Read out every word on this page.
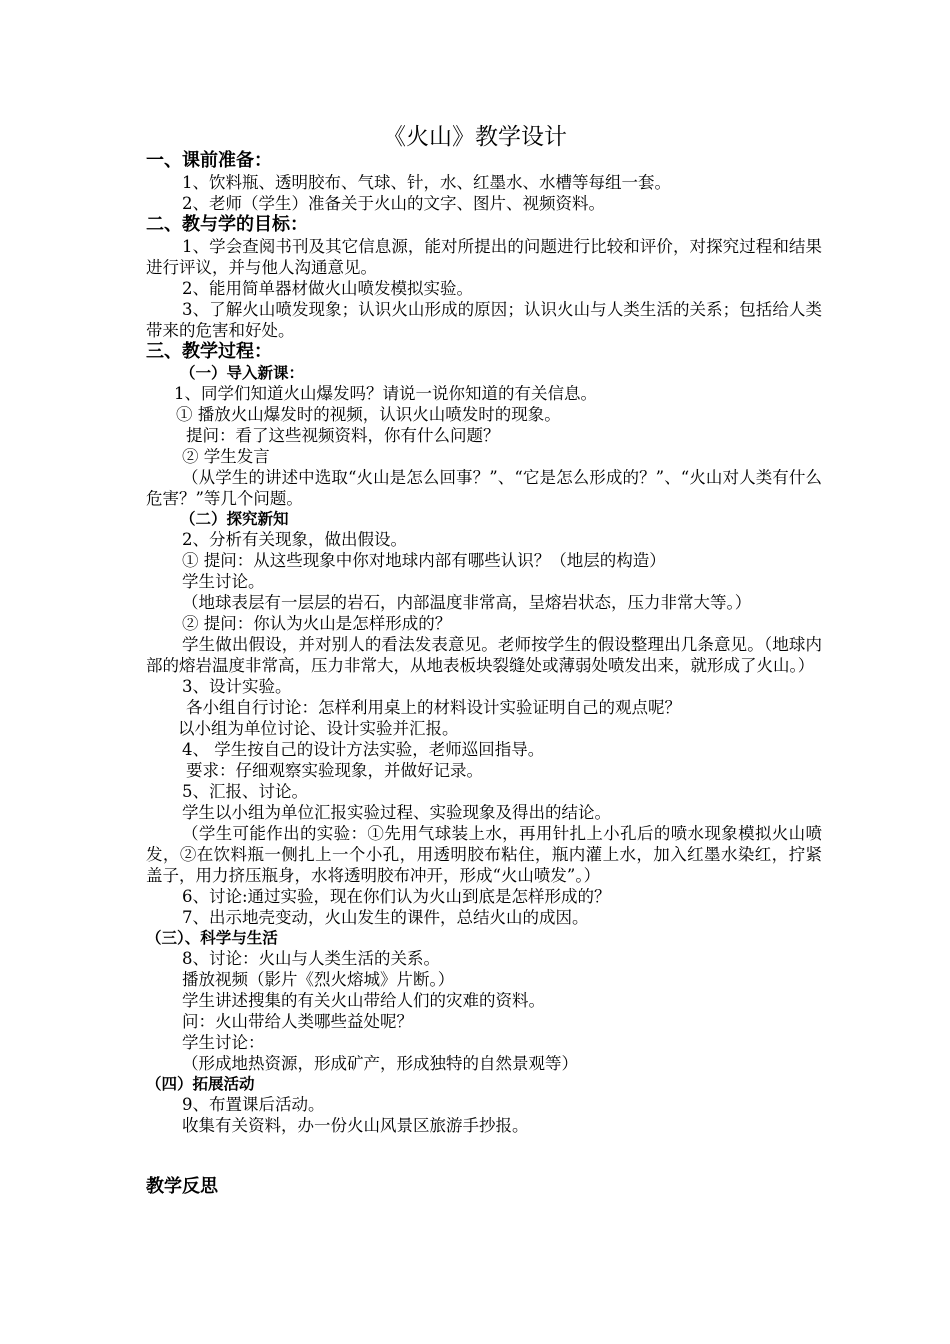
《火山》教学设计

一、课前准备：

1、饮料瓶、透明胶布、气球、针，水、红墨水、水槽等每组一套。

2、老师（学生）准备关于火山的文字、图片、视频资料。

二、教与学的目标：

1、学会查阅书刊及其它信息源，能对所提出的问题进行比较和评价，对探究过程和结果进行评议，并与他人沟通意见。

2、能用简单器材做火山喷发模拟实验。

3、了解火山喷发现象；认识火山形成的原因；认识火山与人类生活的关系；包括给人类带来的危害和好处。

三、教学过程：

（一）导入新课：

1、同学们知道火山爆发吗？请说一说你知道的有关信息。

① 播放火山爆发时的视频，认识火山喷发时的现象。

提问：看了这些视频资料，你有什么问题？

② 学生发言

（从学生的讲述中选取“火山是怎么回事？”、“它是怎么形成的？”、“火山对人类有什么危害？”等几个问题。

（二）探究新知

2、分析有关现象，做出假设。

① 提问：从这些现象中你对地球内部有哪些认识？（地层的构造）

学生讨论。

（地球表层有一层层的岩石，内部温度非常高，呈熔岩状态，压力非常大等。）

② 提问：你认为火山是怎样形成的？

学生做出假设，并对别人的看法发表意见。老师按学生的假设整理出几条意见。（地球内部的熔岩温度非常高，压力非常大，从地表板块裂缝处或薄弱处喷发出来，就形成了火山。）

3、设计实验。

各小组自行讨论：怎样利用桌上的材料设计实验证明自己的观点呢？

以小组为单位讨论、设计实验并汇报。

4、 学生按自己的设计方法实验，老师巡回指导。

要求：仔细观察实验现象，并做好记录。

5、汇报、讨论。

学生以小组为单位汇报实验过程、实验现象及得出的结论。

（学生可能作出的实验：①先用气球装上水，再用针扎上小孔后的喷水现象模拟火山喷发，②在饮料瓶一侧扎上一个小孔，用透明胶布粘住，瓶内灌上水，加入红墨水染红，拧紧盖子，用力挤压瓶身，水将透明胶布冲开，形成“火山喷发”。）

6、讨论:通过实验，现在你们认为火山到底是怎样形成的？

7、出示地壳变动，火山发生的课件，总结火山的成因。

（三）、科学与生活

8、讨论：火山与人类生活的关系。

播放视频（影片《烈火熔城》片断。）

学生讲述搜集的有关火山带给人们的灾难的资料。

问：火山带给人类哪些益处呢？

学生讨论：

（形成地热资源，形成矿产，形成独特的自然景观等）

（四）拓展活动

9、布置课后活动。

收集有关资料，办一份火山风景区旅游手抄报。

教学反思
